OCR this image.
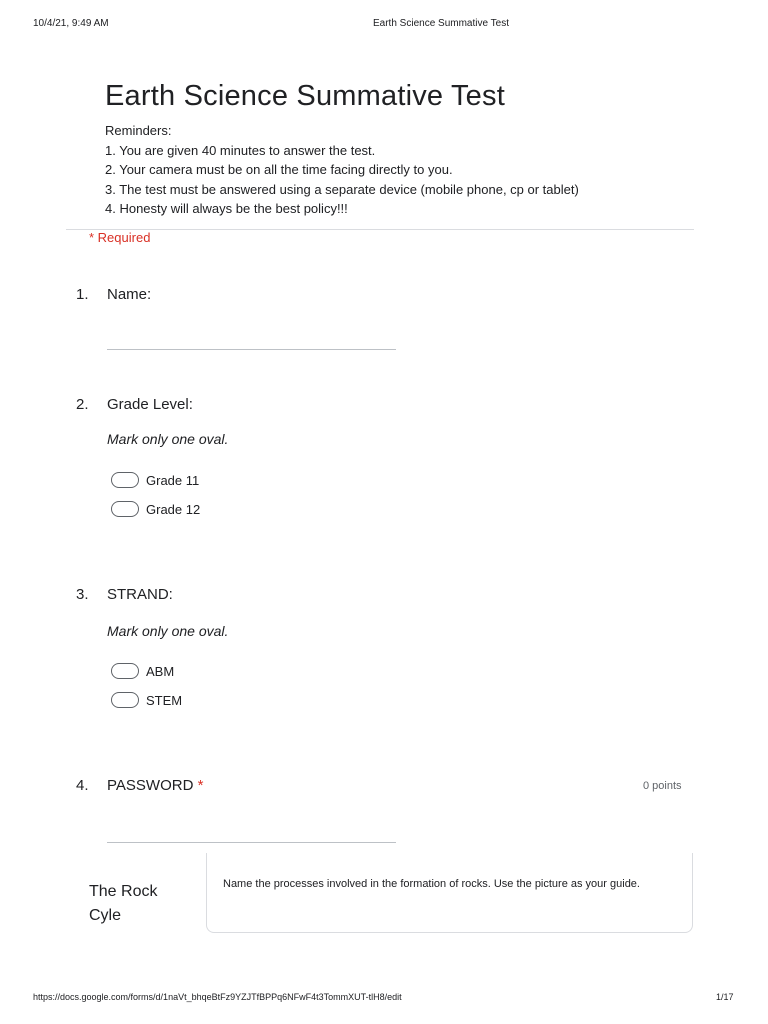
10/4/21, 9:49 AM	Earth Science Summative Test
Earth Science Summative Test
Reminders:
1. You are given 40 minutes to answer the test.
2. Your camera must be on all the time facing directly to you.
3. The test must be answered using a separate device (mobile phone, cp or tablet)
4. Honesty will always be the best policy!!!
* Required
1. Name:
2. Grade Level:
Mark only one oval.
Grade 11
Grade 12
3. STRAND:
Mark only one oval.
ABM
STEM
4. PASSWORD *	0 points
The Rock
Cyle
Name the processes involved in the formation of rocks. Use the picture as your guide.
https://docs.google.com/forms/d/1naVt_bhqeBtFz9YZJTfBPPq6NFwF4t3TommXUT-tlH8/edit	1/17
